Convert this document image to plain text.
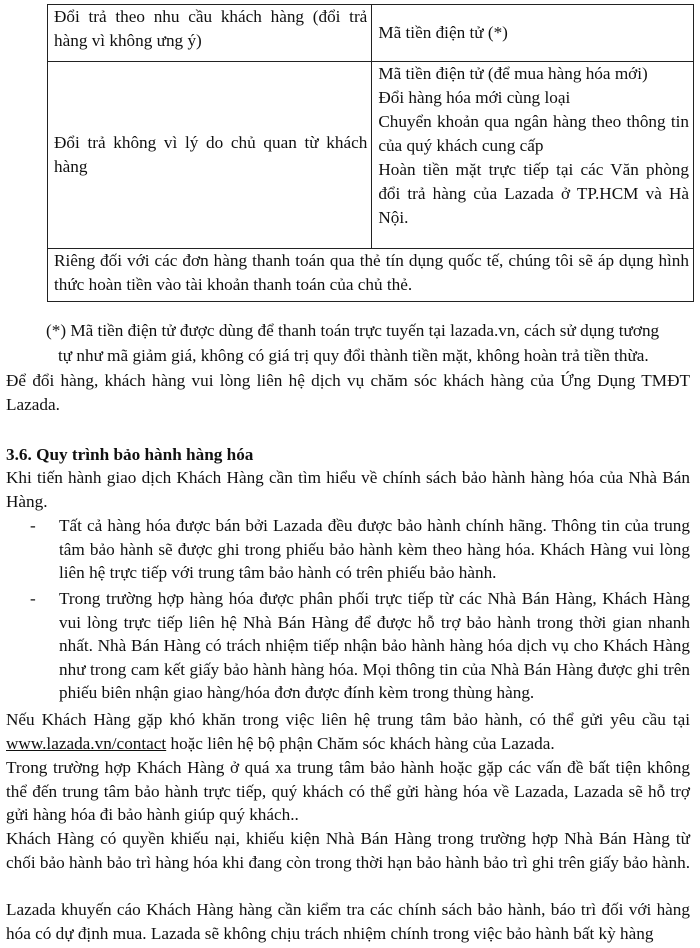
Đổi trả theo nhu cầu khách hàng (đổi trả hàng vì không ưng ý)	Mã tiền điện tử (*)
Đổi trả không vì lý do chủ quan từ khách hàng	Mã tiền điện tử (để mua hàng hóa mới)
Đổi hàng hóa mới cùng loại
Chuyển khoản qua ngân hàng theo thông tin của quý khách cung cấp
Hoàn tiền mặt trực tiếp tại các Văn phòng đổi trả hàng của Lazada ở TP.HCM và Hà Nội.

Riêng đối với các đơn hàng thanh toán qua thẻ tín dụng quốc tế, chúng tôi sẽ áp dụng hình thức hoàn tiền vào tài khoản thanh toán của chủ thẻ.	
(*) Mã tiền điện tử được dùng để thanh toán trực tuyến tại lazada.vn, cách sử dụng tương
tự như mã giảm giá, không có giá trị quy đổi thành tiền mặt, không hoàn trả tiền thừa.
Để đổi hàng, khách hàng vui lòng liên hệ dịch vụ chăm sóc khách hàng của Ứng Dụng TMĐT Lazada.
3.6. Quy trình bảo hành hàng hóa
Khi tiến hành giao dịch Khách Hàng cần tìm hiểu về chính sách bảo hành hàng hóa của Nhà Bán Hàng.
- Tất cả hàng hóa được bán bởi Lazada đều được bảo hành chính hãng. Thông tin của trung tâm bảo hành sẽ được ghi trong phiếu bảo hành kèm theo hàng hóa. Khách Hàng vui lòng liên hệ trực tiếp với trung tâm bảo hành có trên phiếu bảo hành.
- Trong trường hợp hàng hóa được phân phối trực tiếp từ các Nhà Bán Hàng, Khách Hàng vui lòng trực tiếp liên hệ Nhà Bán Hàng để được hỗ trợ bảo hành trong thời gian nhanh nhất. Nhà Bán Hàng có trách nhiệm tiếp nhận bảo hành hàng hóa dịch vụ cho Khách Hàng như trong cam kết giấy bảo hành hàng hóa. Mọi thông tin của Nhà Bán Hàng được ghi trên phiếu biên nhận giao hàng/hóa đơn được đính kèm trong thùng hàng.
Nếu Khách Hàng gặp khó khăn trong việc liên hệ trung tâm bảo hành, có thể gửi yêu cầu tại www.lazada.vn/contact hoặc liên hệ bộ phận Chăm sóc khách hàng của Lazada.
Trong trường hợp Khách Hàng ở quá xa trung tâm bảo hành hoặc gặp các vấn đề bất tiện không thể đến trung tâm bảo hành trực tiếp, quý khách có thể gửi hàng hóa về Lazada, Lazada sẽ hỗ trợ gửi hàng hóa đi bảo hành giúp quý khách..
Khách Hàng có quyền khiếu nại, khiếu kiện Nhà Bán Hàng trong trường hợp Nhà Bán Hàng từ chối bảo hành bảo trì hàng hóa khi đang còn trong thời hạn bảo hành bảo trì ghi trên giấy bảo hành.
Lazada khuyến cáo Khách Hàng hàng cần kiểm tra các chính sách bảo hành, báo trì đối với hàng hóa có dự định mua. Lazada sẽ không chịu trách nhiệm chính trong việc bảo hành bất kỳ hàng
